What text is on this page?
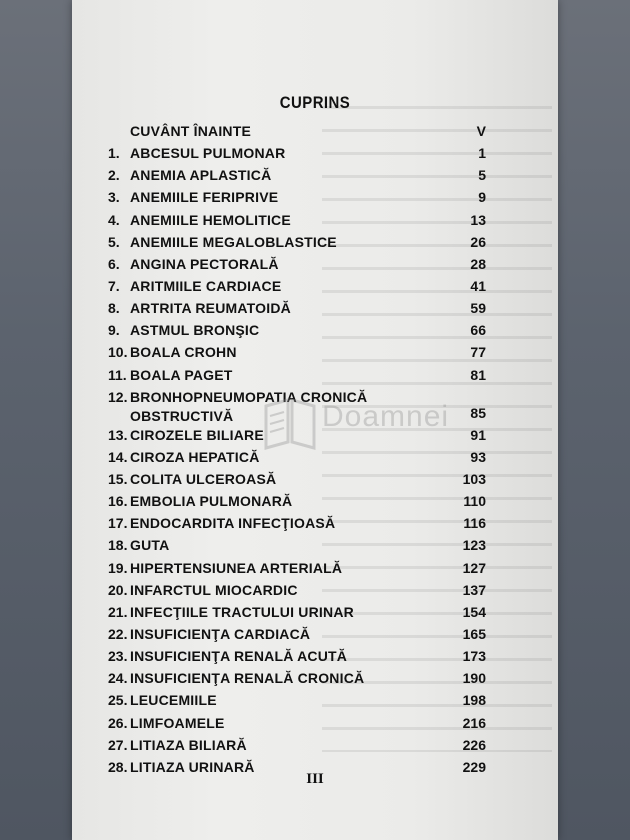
CUPRINS
CUVÂNT ÎNAINTE	V
1. ABCESUL PULMONAR	1
2. ANEMIA APLASTICĂ	5
3. ANEMIILE FERIPRIVE	9
4. ANEMIILE HEMOLITICE	13
5. ANEMIILE MEGALOBLASTICE	26
6. ANGINA PECTORALĂ	28
7. ARITMIILE CARDIACE	41
8. ARTRITA REUMATOIDĂ	59
9. ASTMUL BRONŞIC	66
10. BOALA CROHN	77
11. BOALA PAGET	81
12. BRONHOPNEUMOPATIA CRONICĂ
OBSTRUCTIVĂ	85
13. CIROZELE BILIARE	91
14. CIROZA HEPATICĂ	93
15. COLITA ULCEROASĂ	103
16. EMBOLIA PULMONARĂ	110
17. ENDOCARDITA INFECŢIOASĂ	116
18. GUTA	123
19. HIPERTENSIUNEA ARTERIALĂ	127
20. INFARCTUL MIOCARDIC	137
21. INFECŢIILE TRACTULUI URINAR	154
22. INSUFICIENŢA CARDIACĂ	165
23. INSUFICIENŢA RENALĂ ACUTĂ	173
24. INSUFICIENŢA RENALĂ CRONICĂ	190
25. LEUCEMIILE	198
26. LIMFOAMELE	216
27. LITIAZA BILIARĂ	226
28. LITIAZA URINARĂ	229
Doamnei
III
